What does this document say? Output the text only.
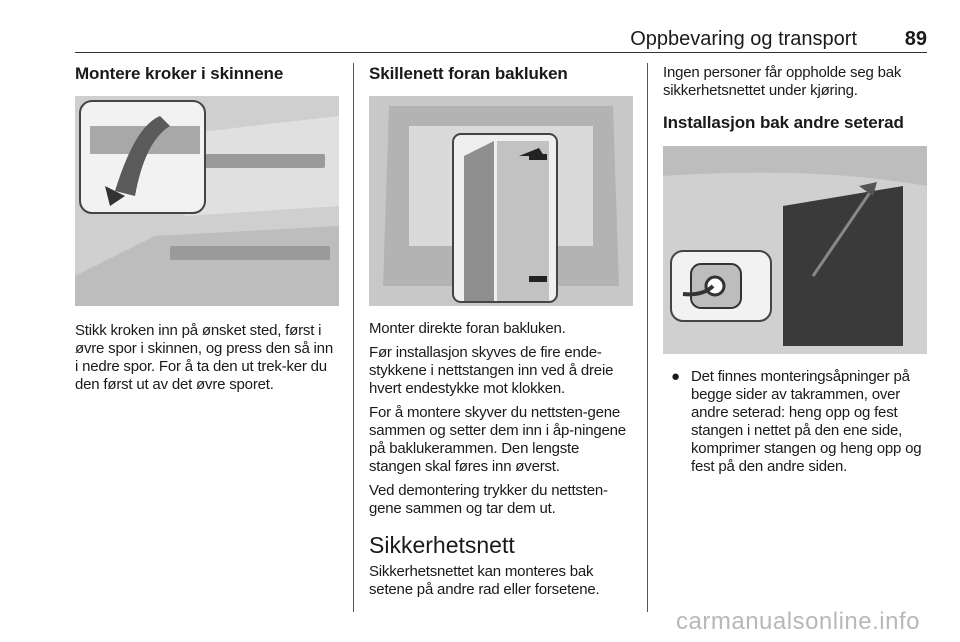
Oppbevaring og transport 89
Montere kroker i skinnene

Stikk kroken inn på ønsket sted, først i øvre spor i skinnen, og press den så inn i nedre spor. For å ta den ut trek-ker du den først ut av det øvre sporet.

Skillenett foran bakluken

Monter direkte foran bakluken.

Før installasjon skyves de fire ende-stykkene i nettstangen inn ved å dreie hvert endestykke mot klokken.

For å montere skyver du nettsten-gene sammen og setter dem inn i åp-ningene på baklukerammen. Den lengste stangen skal føres inn øverst.

Ved demontering trykker du nettsten-gene sammen og tar dem ut.

Sikkerhetsnett

Sikkerhetsnettet kan monteres bak setene på andre rad eller forsetene.

Ingen personer får oppholde seg bak sikkerhetsnettet under kjøring.

Installasjon bak andre seterad
● Det finnes monteringsåpninger på begge sider av takrammen, over andre seterad: heng opp og fest stangen i nettet på den ene side, komprimer stangen og heng opp og fest på den andre siden.
carmanualsonline.info
